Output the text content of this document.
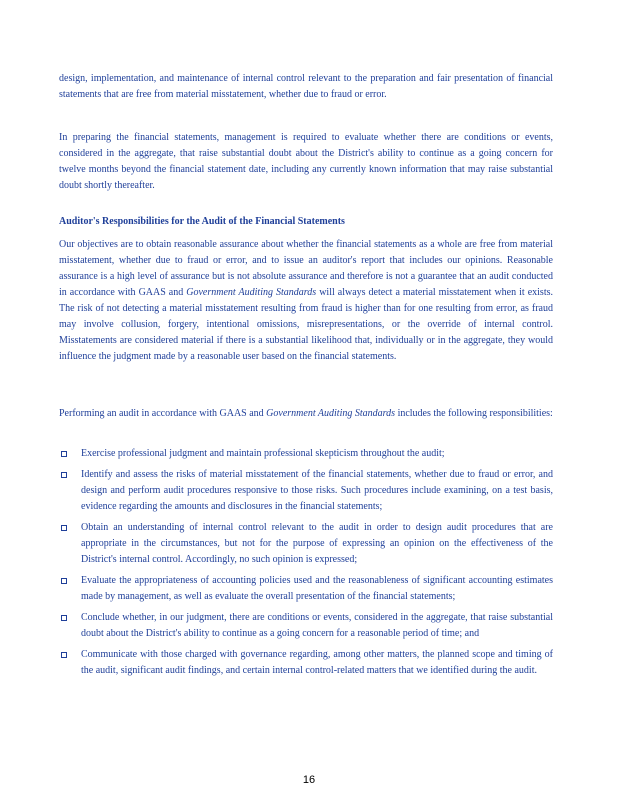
design, implementation, and maintenance of internal control relevant to the preparation and fair presentation of financial statements that are free from material misstatement, whether due to fraud or error.

In preparing the financial statements, management is required to evaluate whether there are conditions or events, considered in the aggregate, that raise substantial doubt about the District's ability to continue as a going concern for twelve months beyond the financial statement date, including any currently known information that may raise substantial doubt shortly thereafter.

Auditor's Responsibilities for the Audit of the Financial Statements

Our objectives are to obtain reasonable assurance about whether the financial statements as a whole are free from material misstatement, whether due to fraud or error, and to issue an auditor's report that includes our opinions. Reasonable assurance is a high level of assurance but is not absolute assurance and therefore is not a guarantee that an audit conducted in accordance with GAAS and Government Auditing Standards will always detect a material misstatement when it exists. The risk of not detecting a material misstatement resulting from fraud is higher than for one resulting from error, as fraud may involve collusion, forgery, intentional omissions, misrepresentations, or the override of internal control. Misstatements are considered material if there is a substantial likelihood that, individually or in the aggregate, they would influence the judgment made by a reasonable user based on the financial statements.

Performing an audit in accordance with GAAS and Government Auditing Standards includes the following responsibilities:

Exercise professional judgment and maintain professional skepticism throughout the audit;
Identify and assess the risks of material misstatement of the financial statements, whether due to fraud or error, and design and perform audit procedures responsive to those risks. Such procedures include examining, on a test basis, evidence regarding the amounts and disclosures in the financial statements;
Obtain an understanding of internal control relevant to the audit in order to design audit procedures that are appropriate in the circumstances, but not for the purpose of expressing an opinion on the effectiveness of the District's internal control. Accordingly, no such opinion is expressed;
Evaluate the appropriateness of accounting policies used and the reasonableness of significant accounting estimates made by management, as well as evaluate the overall presentation of the financial statements;
Conclude whether, in our judgment, there are conditions or events, considered in the aggregate, that raise substantial doubt about the District's ability to continue as a going concern for a reasonable period of time; and
Communicate with those charged with governance regarding, among other matters, the planned scope and timing of the audit, significant audit findings, and certain internal control-related matters that we identified during the audit.
16
